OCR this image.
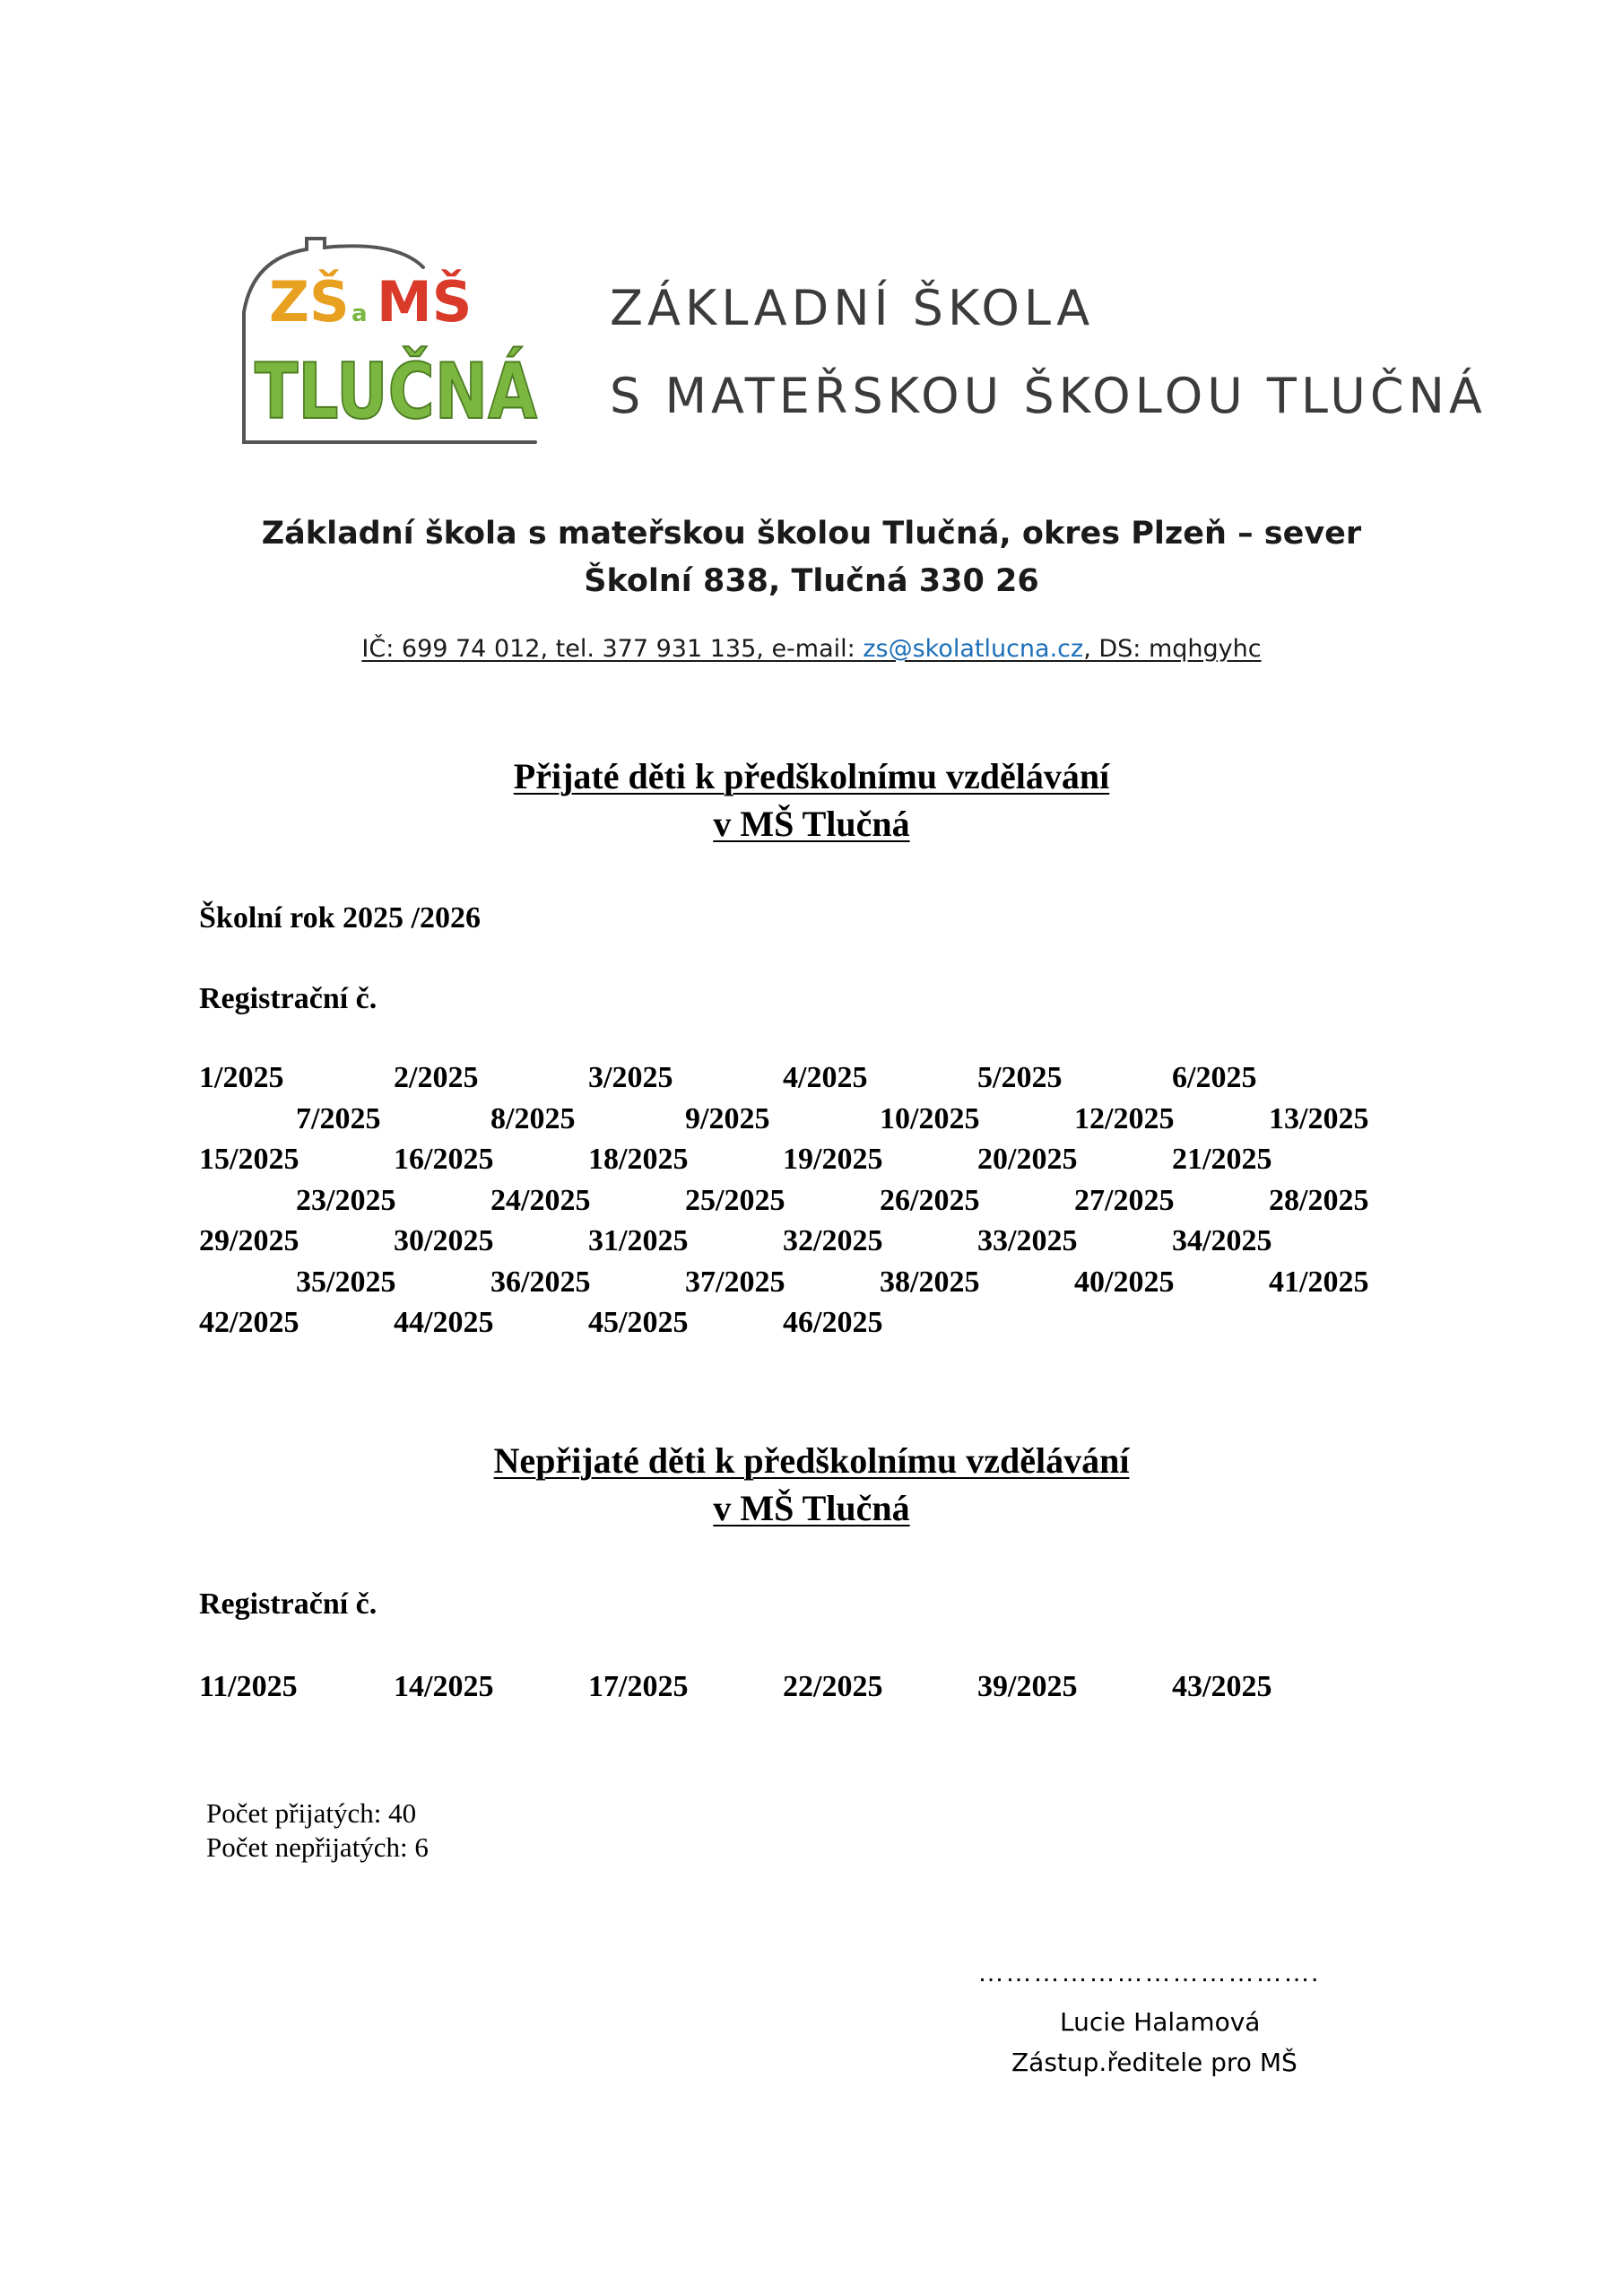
ZŠ a MŠ
TLUČNÁ
ZÁKLADNÍ ŠKOLA
S MATEŘSKOU ŠKOLOU TLUČNÁ
Základní škola s mateřskou školou Tlučná, okres Plzeň – sever
Školní 838, Tlučná 330 26
IČ: 699 74 012, tel. 377 931 135, e-mail: zs@skolatlucna.cz, DS: mqhgyhc
Přijaté děti k předškolnímu vzdělávání
v MŠ Tlučná
Školní rok 2025 /2026
Registrační č.
1/2025	2/2025	3/2025	4/2025	5/2025	6/2025
7/2025	8/2025	9/2025	10/2025	12/2025	13/2025
15/2025	16/2025	18/2025	19/2025	20/2025	21/2025
23/2025	24/2025	25/2025	26/2025	27/2025	28/2025
29/2025	30/2025	31/2025	32/2025	33/2025	34/2025
35/2025	36/2025	37/2025	38/2025	40/2025	41/2025
42/2025	44/2025	45/2025	46/2025
Nepřijaté děti k předškolnímu vzdělávání
v MŠ Tlučná
Registrační č.
11/2025	14/2025	17/2025	22/2025	39/2025	43/2025
Počet přijatých: 40
Počet nepřijatých: 6
……………………………….
Lucie Halamová
Zástup.ředitele pro MŠ
